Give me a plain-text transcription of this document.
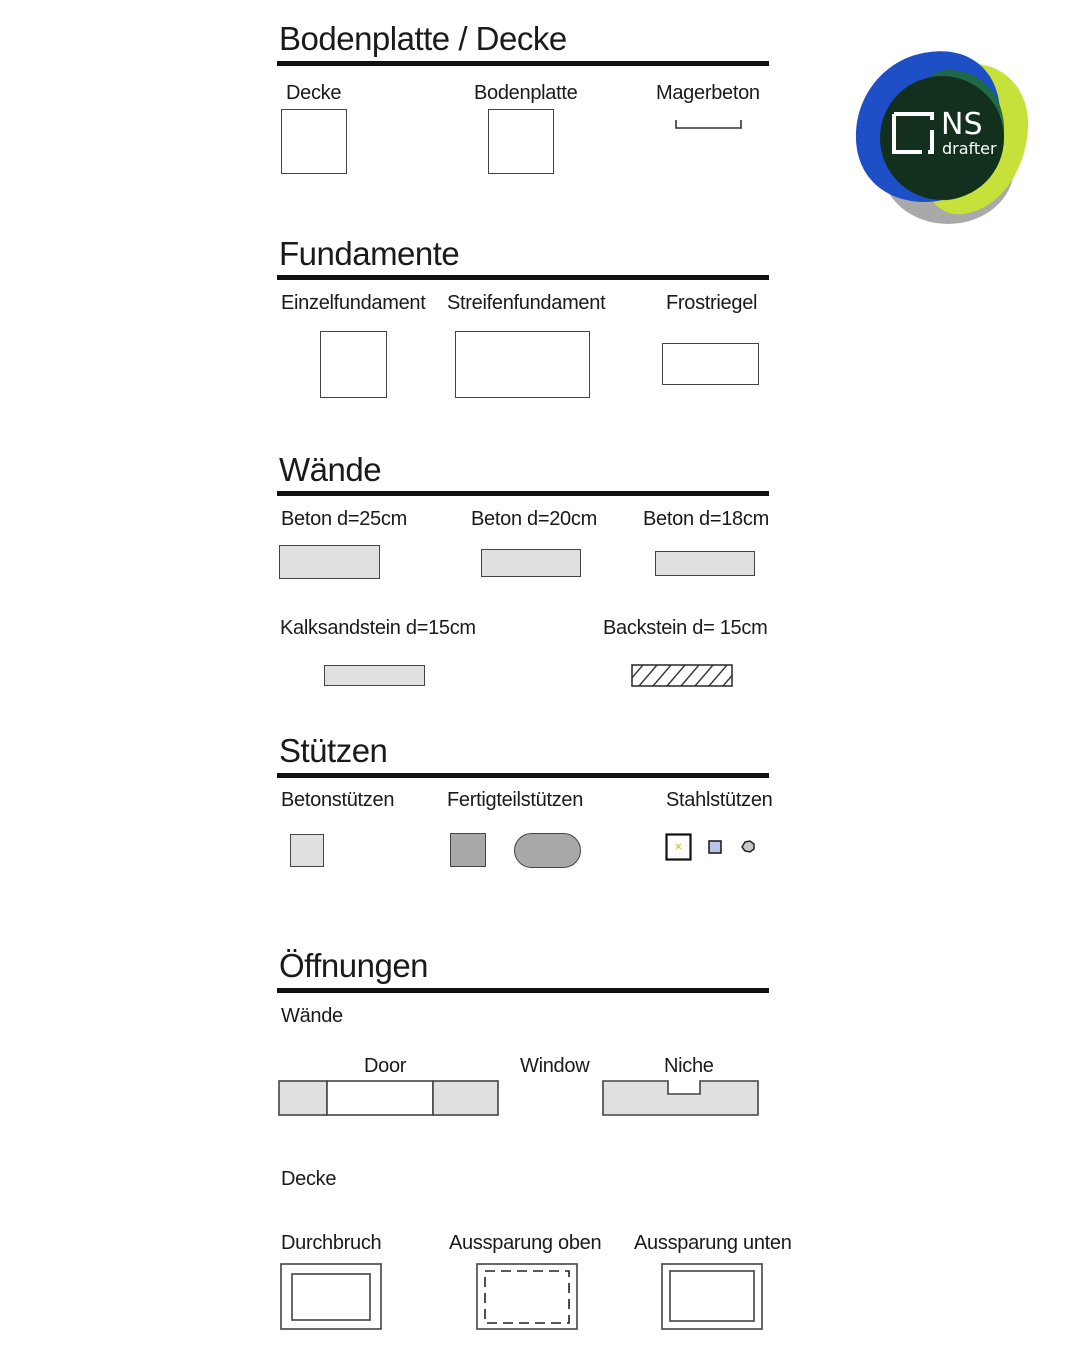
Bodenplatte / Decke
Decke	Bodenplatte	Magerbeton
Fundamente
Einzelfundament Streifenfundament	Frostriegel
Wände
Beton d=25cm	Beton d=20cm Beton d=18cm
Kalksandstein d=15cm	Backstein d= 15cm
Stützen
Betonstützen	Fertigteilstützen	Stahlstützen
Öffnungen
Wände
Door	Window	Niche
Decke
Durchbruch	Aussparung oben Aussparung unten
NS
drafter
